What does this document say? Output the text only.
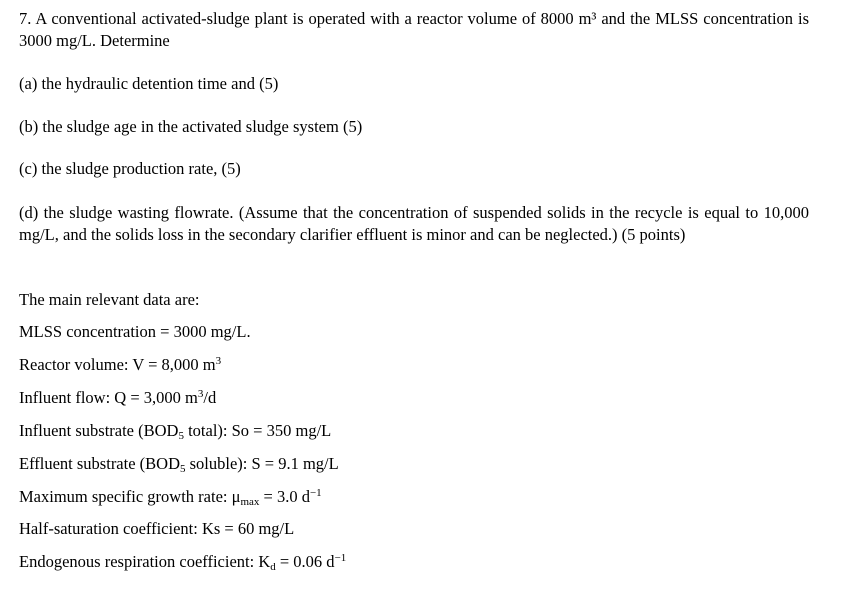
7. A conventional activated-sludge plant is operated with a reactor volume of 8000 m³ and the MLSS concentration is 3000 mg/L. Determine
(a) the hydraulic detention time and (5)
(b) the sludge age in the activated sludge system (5)
(c) the sludge production rate, (5)
(d) the sludge wasting flowrate. (Assume that the concentration of suspended solids in the recycle is equal to 10,000 mg/L, and the solids loss in the secondary clarifier effluent is minor and can be neglected.) (5 points)
The main relevant data are:
MLSS concentration = 3000 mg/L.
Reactor volume: V = 8,000 $m^3$
Influent flow: Q = 3,000 $m^3/d$
Influent substrate ($BOD_5$ total): So = 350 mg/L
Effluent substrate ($BOD_5$ soluble): S = 9.1 mg/L
Maximum specific growth rate: $\mu_{max} = 3.0$ $d^{-1}$
Half-saturation coefficient: Ks = 60 mg/L
Endogenous respiration coefficient: $K_d = 0.06$ $d^{-1}$
